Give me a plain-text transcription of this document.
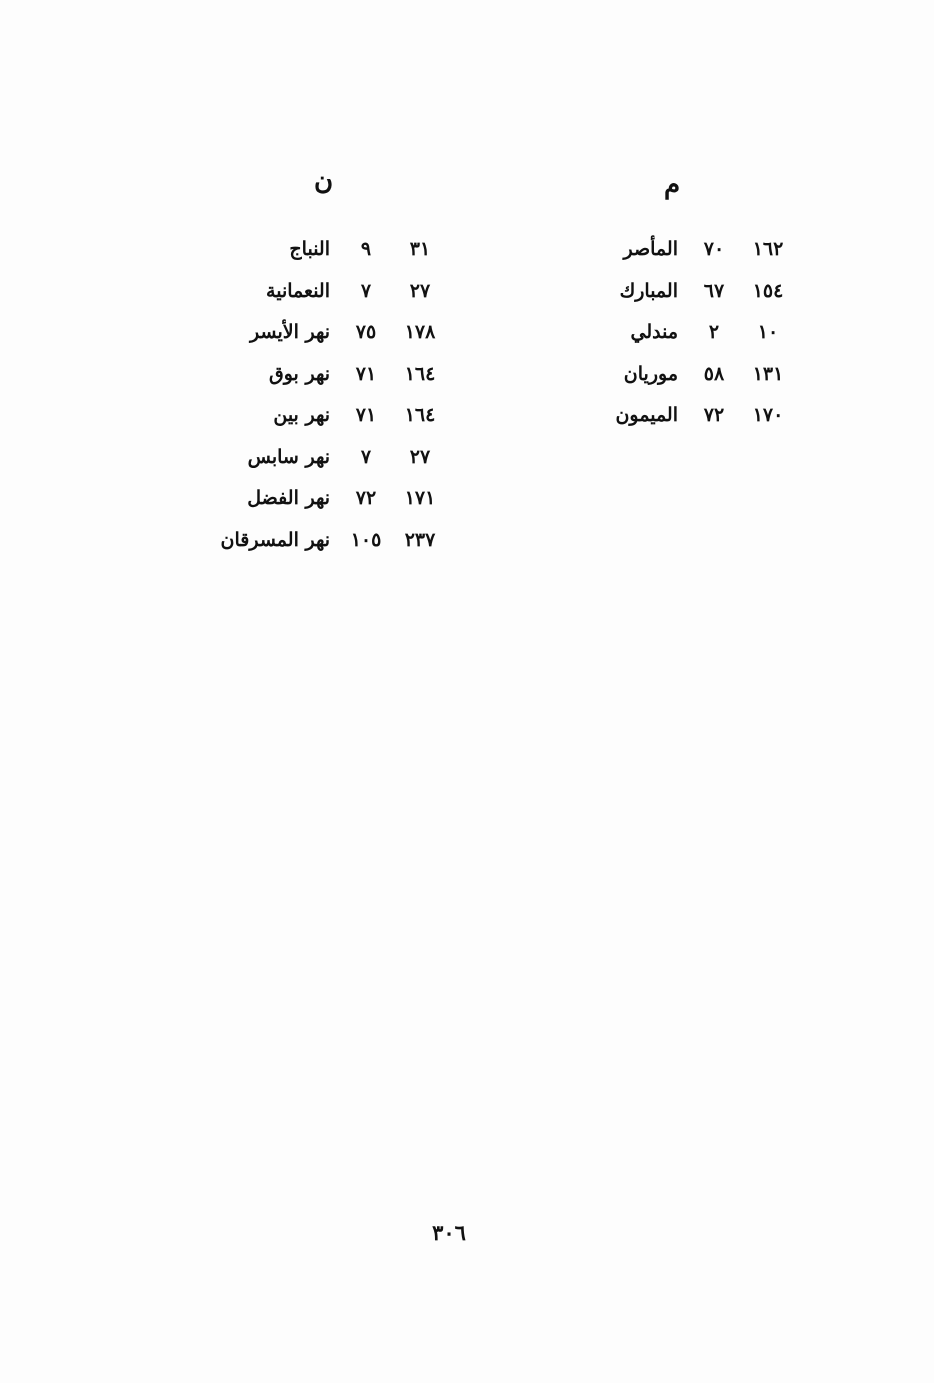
م
ن
١٦٢
٧٠
المأصر
١٥٤
٦٧
المبارك
١٠
٢
مندلي
١٣١
٥٨
موريان
١٧٠
٧٢
الميمون
٣١
٩
النباج
٢٧
٧
النعمانية
١٧٨
٧٥
نهر الأيسر
١٦٤
٧١
نهر بوق
١٦٤
٧١
نهر بين
٢٧
٧
نهر سابس
١٧١
٧٢
نهر الفضل
٢٣٧
١٠٥
نهر المسرقان
٣٠٦
